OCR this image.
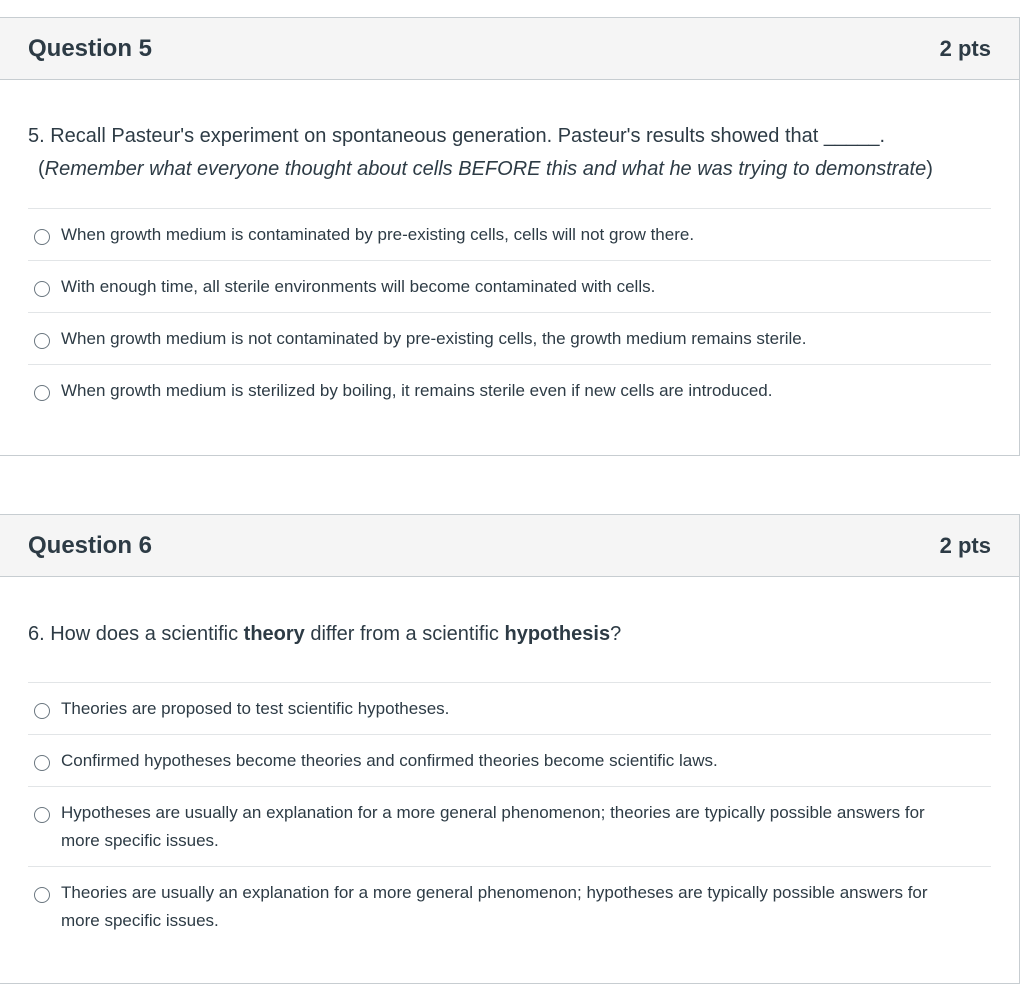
Question 5	2 pts
5. Recall Pasteur's experiment on spontaneous generation. Pasteur's results showed that _____.
(Remember what everyone thought about cells BEFORE this and what he was trying to demonstrate)
When growth medium is contaminated by pre-existing cells, cells will not grow there.
With enough time, all sterile environments will become contaminated with cells.
When growth medium is not contaminated by pre-existing cells, the growth medium remains sterile.
When growth medium is sterilized by boiling, it remains sterile even if new cells are introduced.
Question 6	2 pts
6. How does a scientific theory differ from a scientific hypothesis?
Theories are proposed to test scientific hypotheses.
Confirmed hypotheses become theories and confirmed theories become scientific laws.
Hypotheses are usually an explanation for a more general phenomenon; theories are typically possible answers for more specific issues.
Theories are usually an explanation for a more general phenomenon; hypotheses are typically possible answers for more specific issues.
